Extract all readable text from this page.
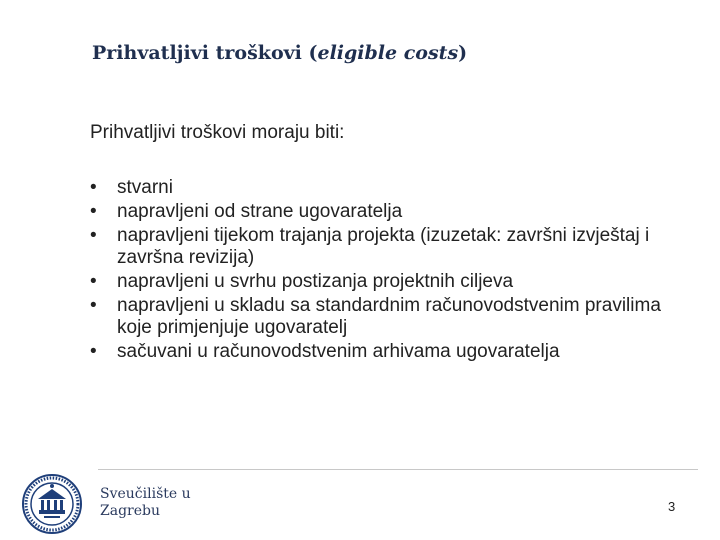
Prihvatljivi troškovi (eligible costs)
Prihvatljivi troškovi moraju biti:
• stvarni
• napravljeni od strane ugovaratelja
• napravljeni tijekom trajanja projekta (izuzetak: završni izvještaj i završna revizija)
• napravljeni u svrhu postizanja projektnih ciljeva
• napravljeni u skladu sa standardnim računovodstvenim pravilima koje primjenjuje ugovaratelj
• sačuvani u računovodstvenim arhivama ugovaratelja
Sveučilište u
Zagrebu	3
